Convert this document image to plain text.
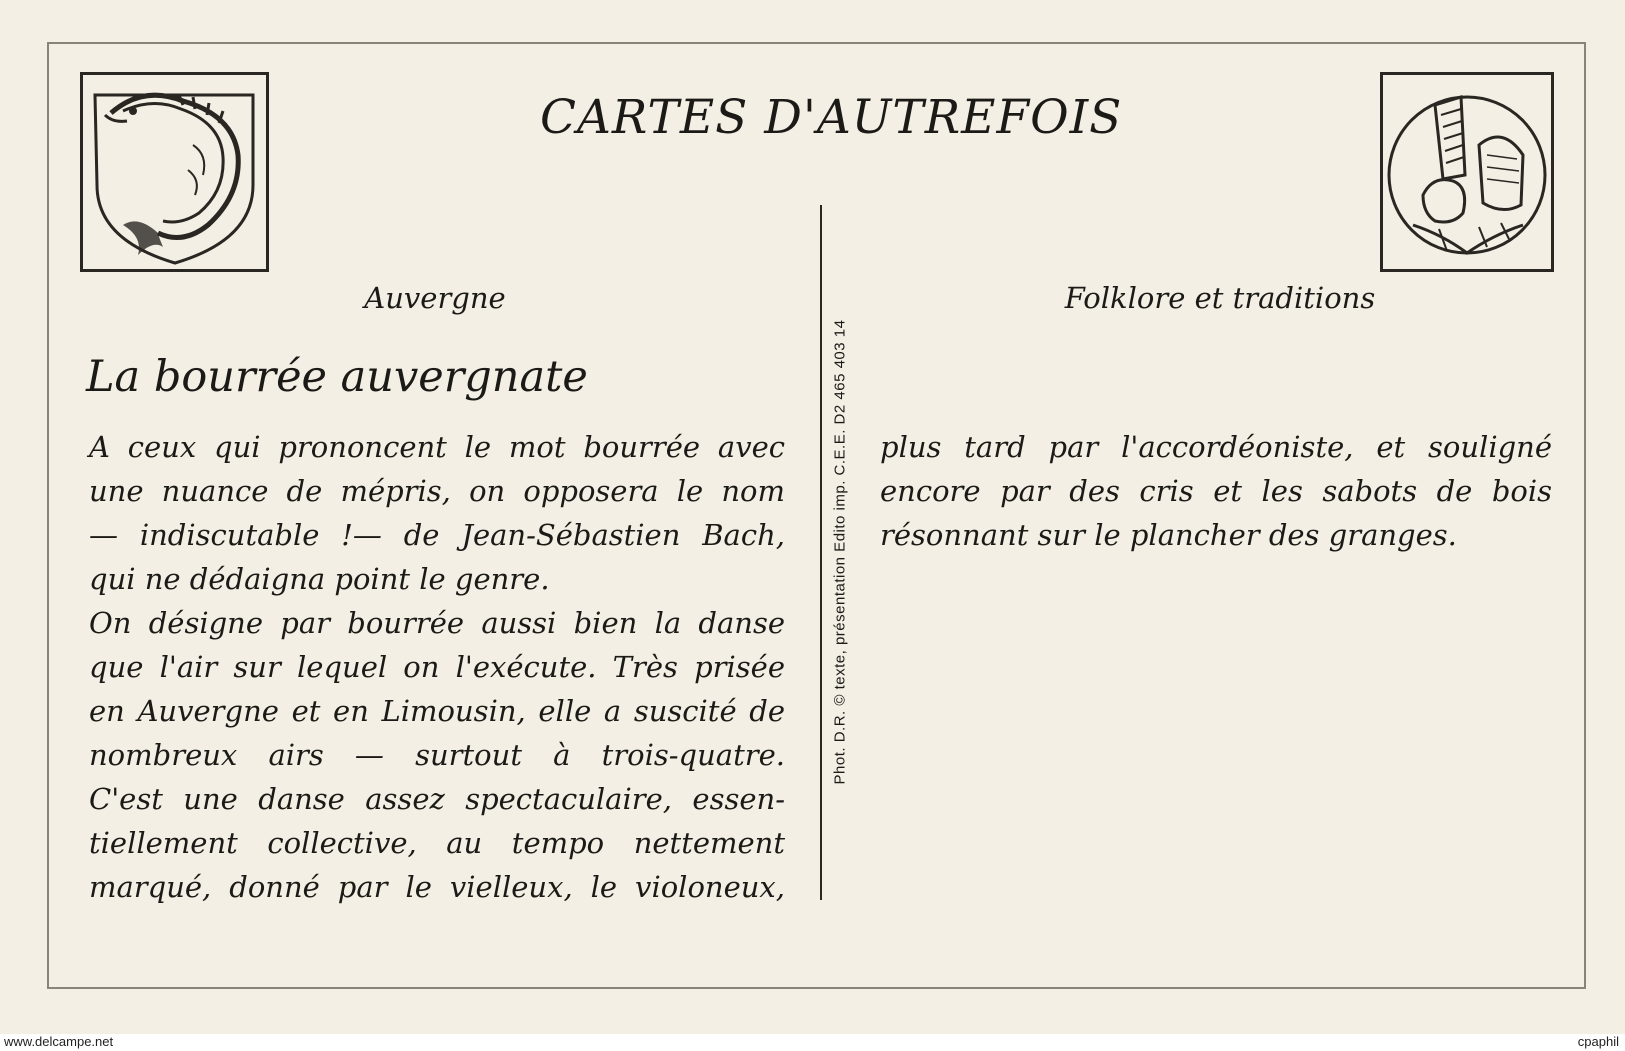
CARTES D'AUTREFOIS
Auvergne	Folklore et traditions
La bourrée auvergnate
A ceux qui prononcent le mot bourrée avec
une nuance de mépris, on opposera le nom
— indiscutable !— de Jean-Sébastien Bach,
qui ne dédaigna point le genre.
On désigne par bourrée aussi bien la danse
que l'air sur lequel on l'exécute. Très prisée
en Auvergne et en Limousin, elle a suscité de
nombreux airs — surtout à trois-quatre.
C'est une danse assez spectaculaire, essen-
tiellement collective, au tempo nettement
marqué, donné par le vielleux, le violoneux,
Phot. D.R. © texte, présentation Edito imp. C.E.E. D2 465 403 14 plus tard par l'accordéoniste, et souligné
encore par des cris et les sabots de bois
résonnant sur le plancher des granges.
www.delcampe.net	cpaphil
